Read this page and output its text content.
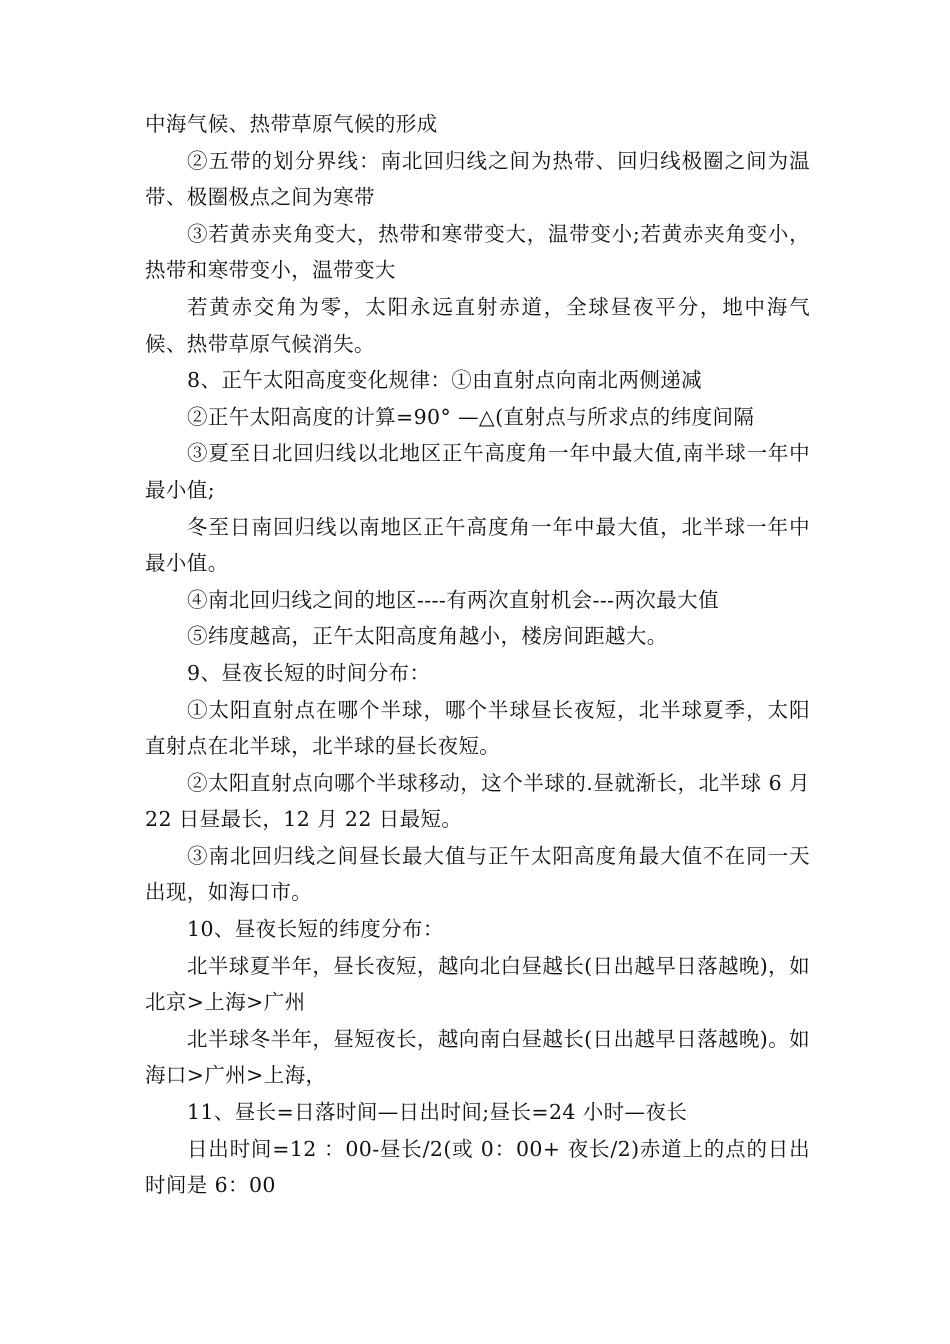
中海气候、热带草原气候的形成

②五带的划分界线：南北回归线之间为热带、回归线极圈之间为温带、极圈极点之间为寒带

③若黄赤夹角变大，热带和寒带变大，温带变小;若黄赤夹角变小，热带和寒带变小，温带变大

若黄赤交角为零，太阳永远直射赤道，全球昼夜平分，地中海气候、热带草原气候消失。

8、正午太阳高度变化规律：①由直射点向南北两侧递减

②正午太阳高度的计算=90° —△(直射点与所求点的纬度间隔

③夏至日北回归线以北地区正午高度角一年中最大值,南半球一年中最小值;

冬至日南回归线以南地区正午高度角一年中最大值，北半球一年中最小值。

④南北回归线之间的地区----有两次直射机会---两次最大值

⑤纬度越高，正午太阳高度角越小，楼房间距越大。

9、昼夜长短的时间分布：

①太阳直射点在哪个半球，哪个半球昼长夜短，北半球夏季，太阳直射点在北半球，北半球的昼长夜短。

②太阳直射点向哪个半球移动，这个半球的.昼就渐长，北半球 6 月 22 日昼最长，12 月 22 日最短。

③南北回归线之间昼长最大值与正午太阳高度角最大值不在同一天出现，如海口市。

10、昼夜长短的纬度分布：

北半球夏半年，昼长夜短，越向北白昼越长(日出越早日落越晚)，如北京>上海>广州

北半球冬半年，昼短夜长，越向南白昼越长(日出越早日落越晚)。如海口>广州>上海，

11、昼长=日落时间—日出时间;昼长=24 小时—夜长

日出时间=12 ：00-昼长/2(或 0：00+ 夜长/2)赤道上的点的日出时间是 6：00
